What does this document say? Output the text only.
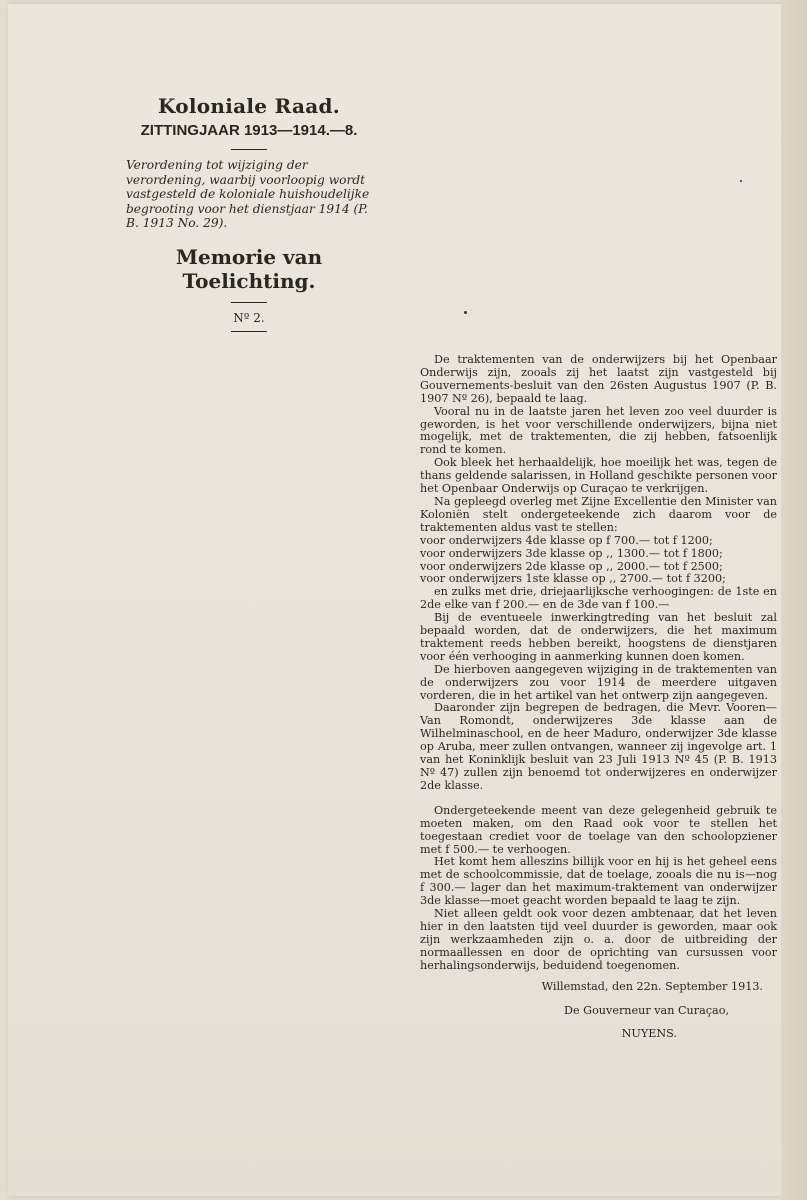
Koloniale Raad.
ZITTINGJAAR 1913—1914.—8.
Verordening tot wijziging der verordening, waarbij voorloopig wordt vastgesteld de koloniale huishoudelijke begrooting voor het dienstjaar 1914 (P. B. 1913 No. 29).
Memorie van Toelichting.
Nº 2.

De traktementen van de onderwijzers bij het Openbaar Onderwijs zijn, zooals zij het laatst zijn vastgesteld bij Gouvernements-besluit van den 26sten Augustus 1907 (P. B. 1907 Nº 26), bepaald te laag.

Vooral nu in de laatste jaren het leven zoo veel duurder is geworden, is het voor verschillende onderwijzers, bijna niet mogelijk, met de traktementen, die zij hebben, fatsoenlijk rond te komen.

Ook bleek het herhaaldelijk, hoe moeilijk het was, tegen de thans geldende salarissen, in Holland geschikte personen voor het Openbaar Onderwijs op Curaçao te verkrijgen.

Na gepleegd overleg met Zijne Excellentie den Minister van Koloniën stelt ondergeteekende zich daarom voor de traktementen aldus vast te stellen:

voor onderwijzers 4de klasse op f 700.— tot f 1200;

voor onderwijzers 3de klasse op ,, 1300.— tot f 1800;

voor onderwijzers 2de klasse op ,, 2000.— tot f 2500;

voor onderwijzers 1ste klasse op ,, 2700.— tot f 3200;

en zulks met drie, driejaarlijksche verhoogingen: de 1ste en 2de elke van f 200.— en de 3de van f 100.—

Bij de eventueele inwerkingtreding van het besluit zal bepaald worden, dat de onderwijzers, die het maximum traktement reeds hebben bereikt, hoogstens de dienstjaren voor één verhooging in aanmerking kunnen doen komen.

De hierboven aangegeven wijziging in de traktementen van de onderwijzers zou voor 1914 de meerdere uitgaven vorderen, die in het artikel van het ontwerp zijn aangegeven.

Daaronder zijn begrepen de bedragen, die Mevr. Vooren—Van Romondt, onderwijzeres 3de klasse aan de Wilhelminaschool, en de heer Maduro, onderwijzer 3de klasse op Aruba, meer zullen ontvangen, wanneer zij ingevolge art. 1 van het Koninklijk besluit van 23 Juli 1913 Nº 45 (P. B. 1913 Nº 47) zullen zijn benoemd tot onderwijzeres en onderwijzer 2de klasse.

Ondergeteekende meent van deze gelegenheid gebruik te moeten maken, om den Raad ook voor te stellen het toegestaan crediet voor de toelage van den schoolopziener met f 500.— te verhoogen.

Het komt hem alleszins billijk voor en hij is het geheel eens met de schoolcommissie, dat de toelage, zooals die nu is—nog f 300.— lager dan het maximum-traktement van onderwijzer 3de klasse—moet geacht worden bepaald te laag te zijn.

Niet alleen geldt ook voor dezen ambtenaar, dat het leven hier in den laatsten tijd veel duurder is geworden, maar ook zijn werkzaamheden zijn o. a. door de uitbreiding der normaallessen en door de oprichting van cursussen voor herhalingsonderwijs, beduidend toegenomen.

Willemstad, den 22n. September 1913.

De Gouverneur van Curaçao,

NUYENS.
